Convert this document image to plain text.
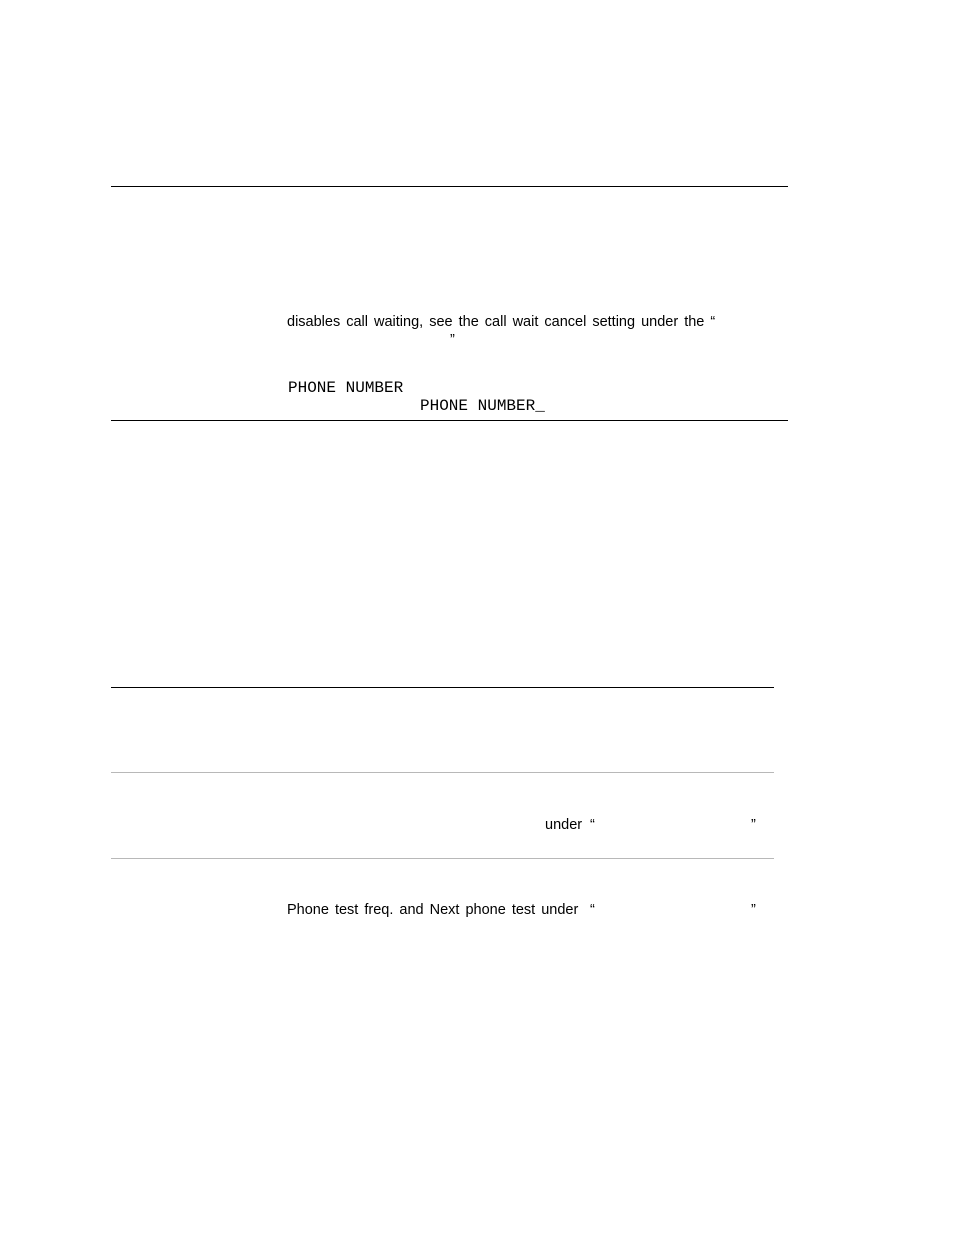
disables call waiting, see the call wait cancel setting under the “
”
PHONE NUMBER
PHONE NUMBER_
under “	”
Phone test freq. and Next phone test under “	”
